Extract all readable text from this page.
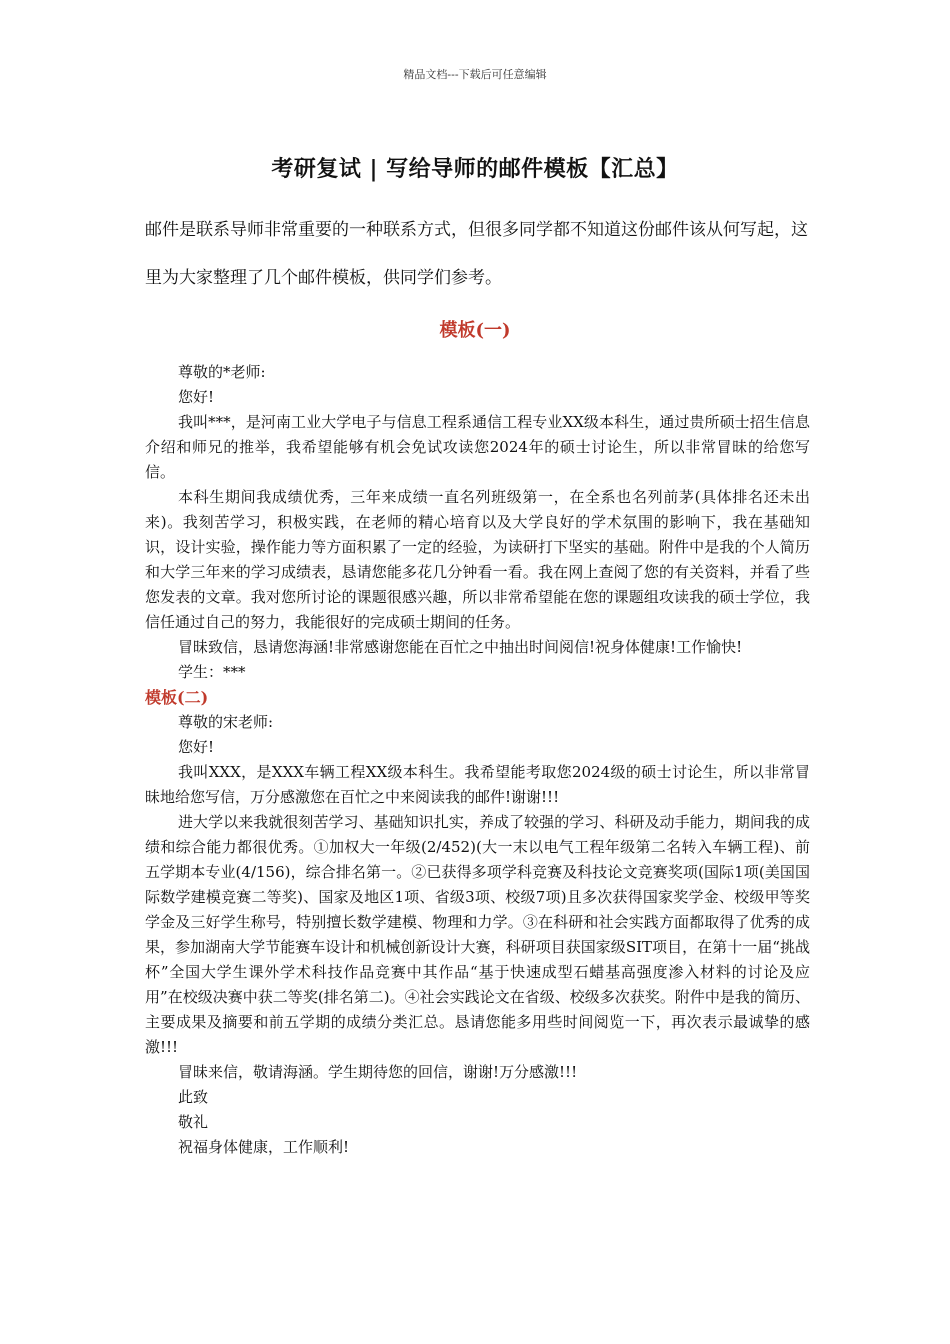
精品文档---下载后可任意编辑
考研复试 | 写给导师的邮件模板【汇总】
邮件是联系导师非常重要的一种联系方式，但很多同学都不知道这份邮件该从何写起，这里为大家整理了几个邮件模板，供同学们参考。
模板(一)

尊敬的*老师:

您好!

我叫***，是河南工业大学电子与信息工程系通信工程专业XX级本科生，通过贵所硕士招生信息介绍和师兄的推举，我希望能够有机会免试攻读您2024年的硕士讨论生，所以非常冒昧的给您写信。

本科生期间我成绩优秀，三年来成绩一直名列班级第一，在全系也名列前茅(具体排名还未出来)。我刻苦学习，积极实践，在老师的精心培育以及大学良好的学术氛围的影响下，我在基础知识，设计实验，操作能力等方面积累了一定的经验，为读研打下坚实的基础。附件中是我的个人简历和大学三年来的学习成绩表，恳请您能多花几分钟看一看。我在网上查阅了您的有关资料，并看了些您发表的文章。我对您所讨论的课题很感兴趣，所以非常希望能在您的课题组攻读我的硕士学位，我信任通过自己的努力，我能很好的完成硕士期间的任务。

冒昧致信，恳请您海涵!非常感谢您能在百忙之中抽出时间阅信!祝身体健康!工作愉快!

学生：***

模板(二)

尊敬的宋老师:

您好!

我叫XXX，是XXX车辆工程XX级本科生。我希望能考取您2024级的硕士讨论生，所以非常冒昧地给您写信，万分感激您在百忙之中来阅读我的邮件!谢谢!!!

进大学以来我就很刻苦学习、基础知识扎实，养成了较强的学习、科研及动手能力，期间我的成绩和综合能力都很优秀。①加权大一年级(2/452)(大一末以电气工程年级第二名转入车辆工程)、前五学期本专业(4/156)，综合排名第一。②已获得多项学科竞赛及科技论文竞赛奖项(国际1项(美国国际数学建模竞赛二等奖)、国家及地区1项、省级3项、校级7项)且多次获得国家奖学金、校级甲等奖学金及三好学生称号，特别擅长数学建模、物理和力学。③在科研和社会实践方面都取得了优秀的成果，参加湖南大学节能赛车设计和机械创新设计大赛，科研项目获国家级SIT项目，在第十一届“挑战杯”全国大学生课外学术科技作品竞赛中其作品“基于快速成型石蜡基高强度渗入材料的讨论及应用”在校级决赛中获二等奖(排名第二)。④社会实践论文在省级、校级多次获奖。附件中是我的简历、主要成果及摘要和前五学期的成绩分类汇总。恳请您能多用些时间阅览一下，再次表示最诚挚的感激!!!

冒昧来信，敬请海涵。学生期待您的回信，谢谢!万分感激!!!

此致

敬礼

祝福身体健康，工作顺利!
